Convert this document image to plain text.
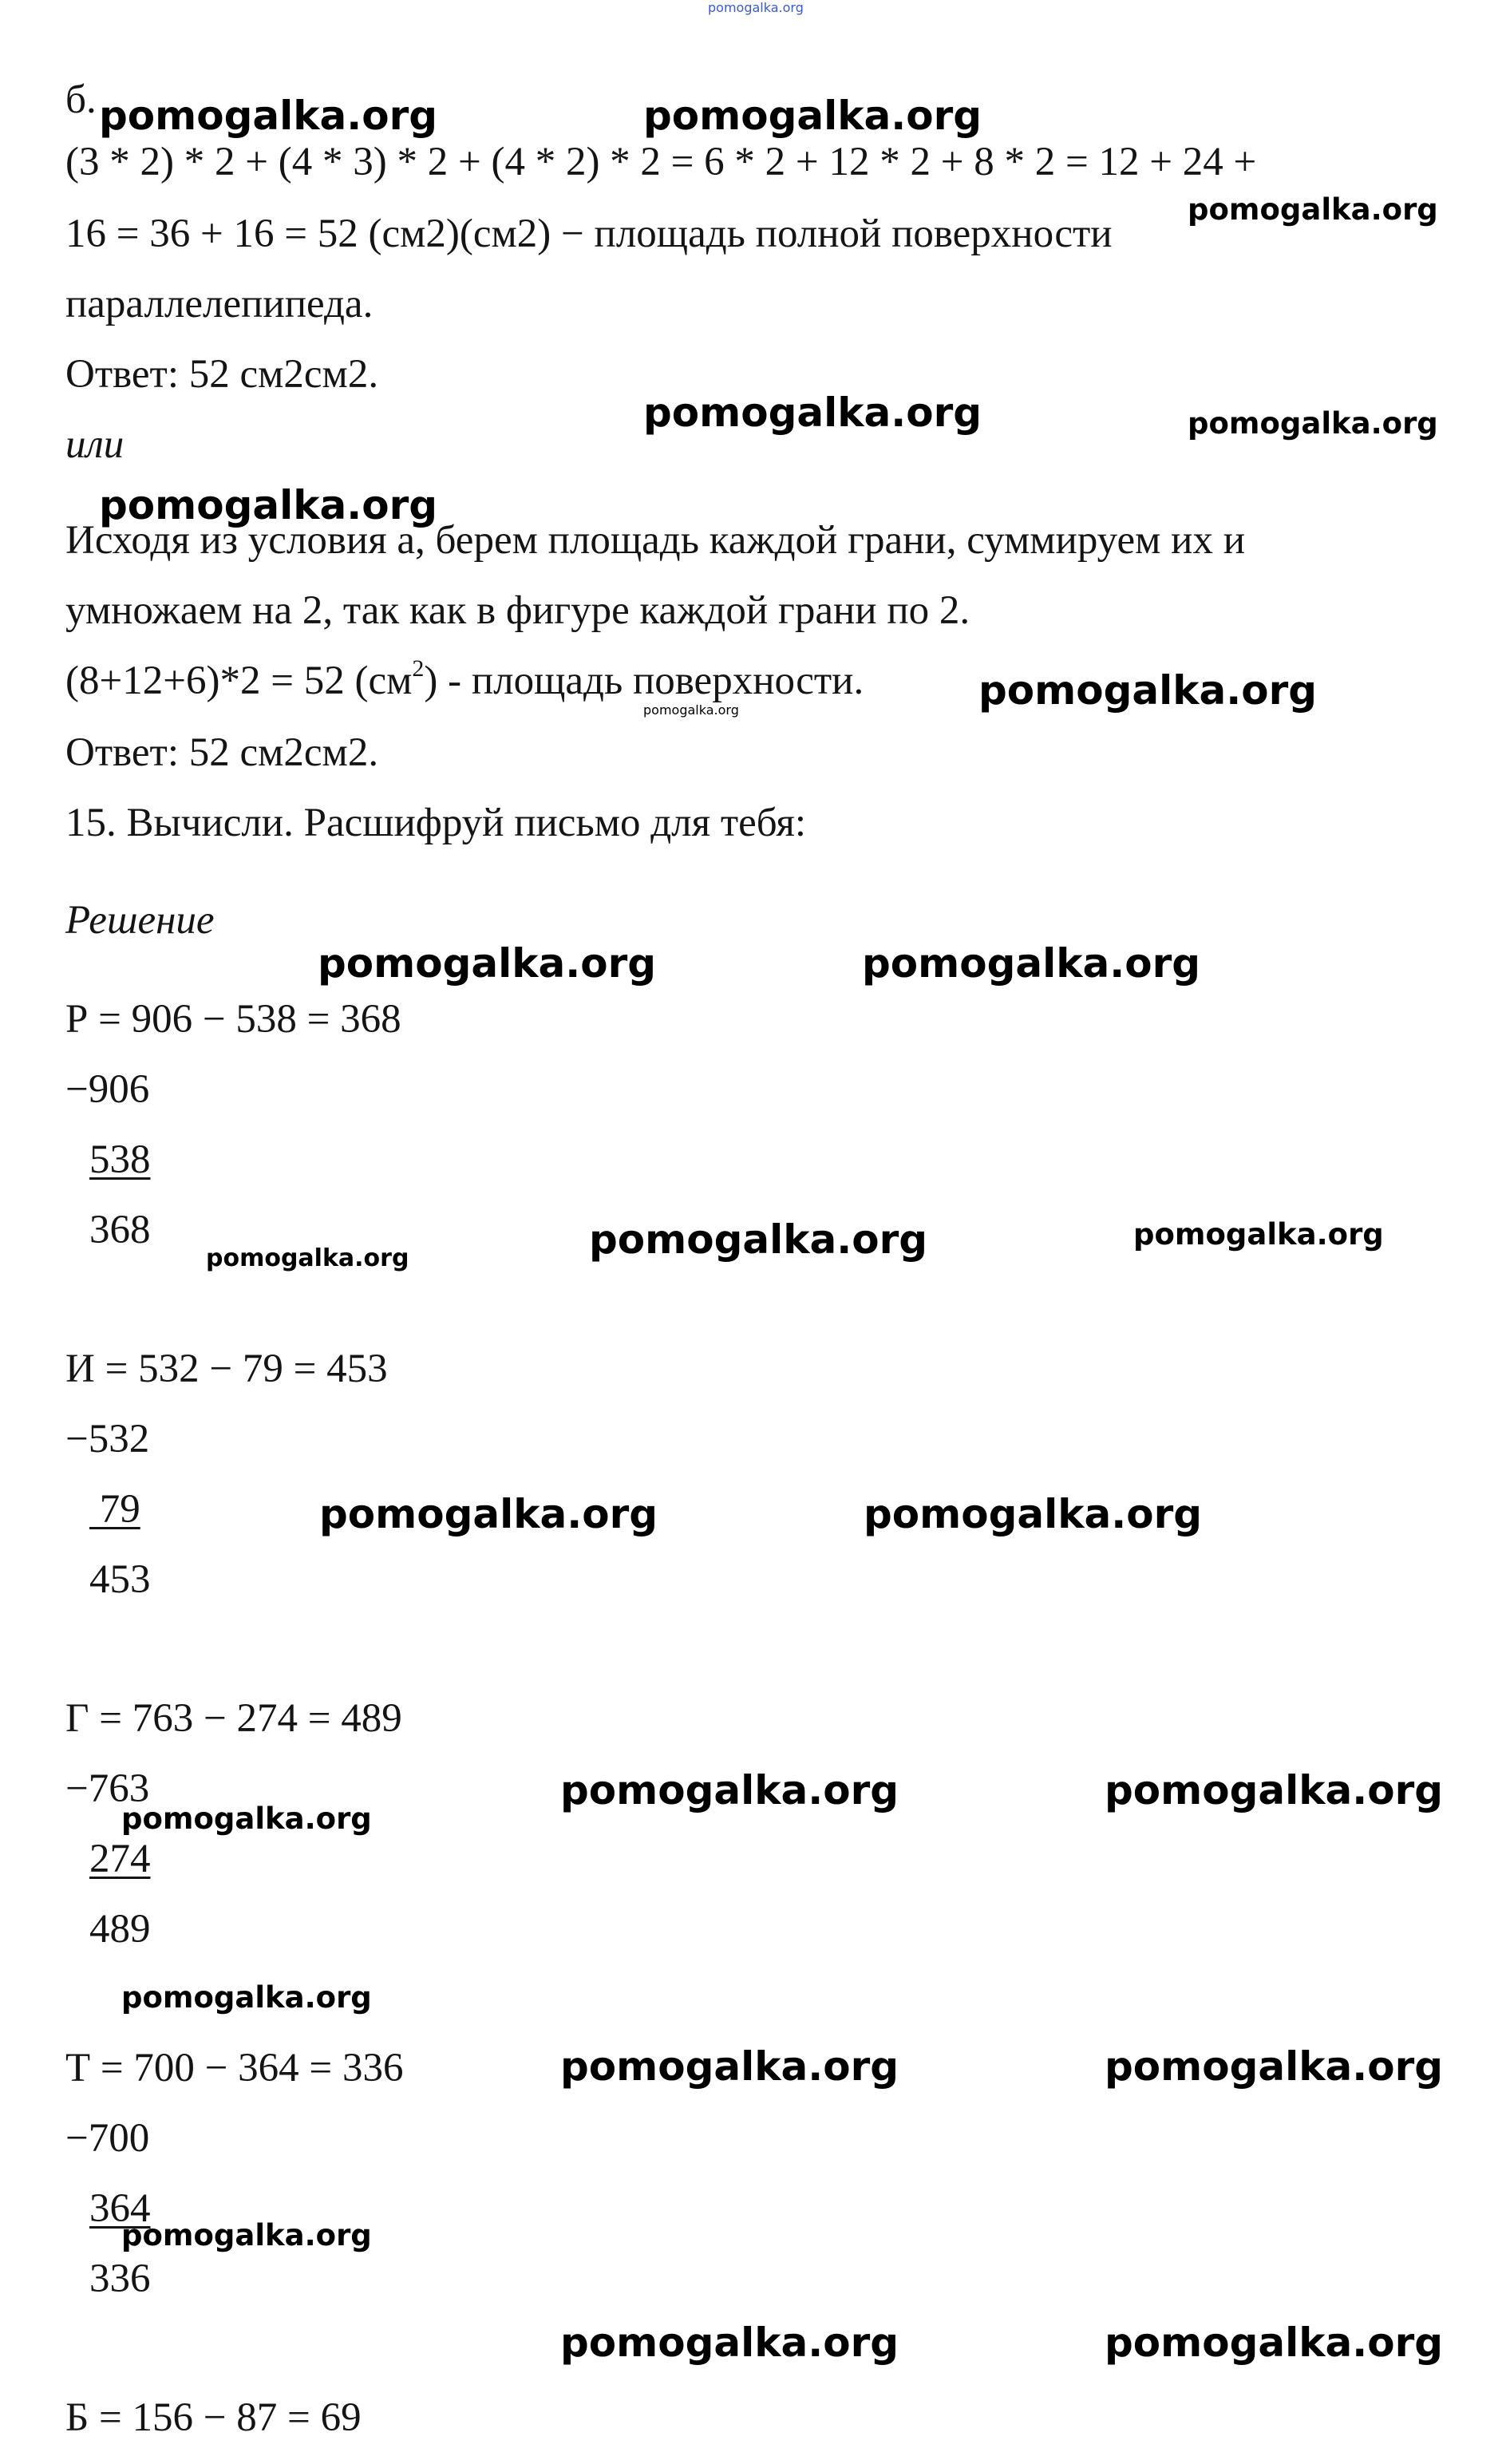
pomogalka.org
б.
(3 * 2) * 2 + (4 * 3) * 2 + (4 * 2) * 2 = 6 * 2 + 12 * 2 + 8 * 2 = 12 + 24 +
16 = 36 + 16 = 52 (см2)(см2) − площадь полной поверхности
параллелепипеда.
Ответ: 52 см2см2.
или
Исходя из условия а, берем площадь каждой грани, суммируем их и
умножаем на 2, так как в фигуре каждой грани по 2.
(8+12+6)*2 = 52 $(см^2)$ - площадь поверхности.
Ответ: 52 см2см2.
15. Вычисли. Расшифруй письмо для тебя:
Решение
Р = 906 − 538 = 368
−906
538
368
И = 532 − 79 = 453
−532
79
453
Г = 763 − 274 = 489
−763
274
489
Т = 700 − 364 = 336
−700
364
336
Б = 156 − 87 = 69
pomogalka.org	pomogalka.org
pomogalka.org
pomogalka.org	pomogalka.org
pomogalka.org
pomogalka.org
pomogalka.org
pomogalka.org	pomogalka.org
pomogalka.org	pomogalka.org
pomogalka.org
pomogalka.org	pomogalka.org
pomogalka.org	pomogalka.org
pomogalka.org
pomogalka.org
pomogalka.org	pomogalka.org
pomogalka.org
pomogalka.org	pomogalka.org
